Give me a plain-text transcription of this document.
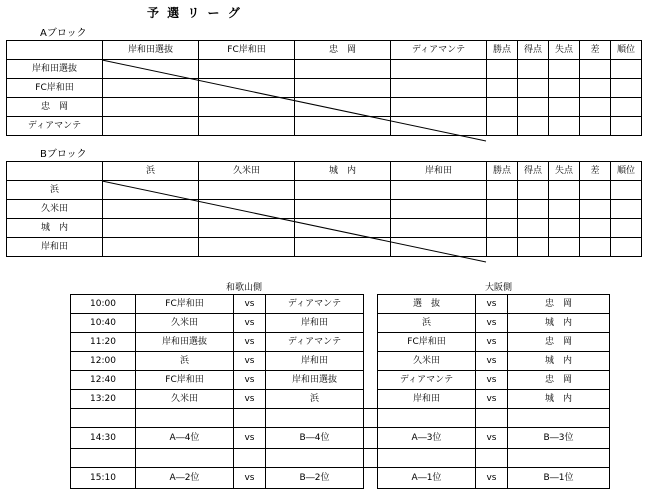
予 選 リ ー グ
Aブロック
	岸和田選抜	FC岸和田	忠　岡	ディアマンテ	勝点	得点	失点	差	順位
岸和田選抜									
FC岸和田									
忠　岡									
ディアマンテ									
Bブロック
	浜	久米田	城　内	岸和田	勝点	得点	失点	差	順位
浜									
久米田									
城　内									
岸和田									
和歌山側	大阪側
10:00	FC岸和田	vs	ディアマンテ		選　抜	vs	忠　岡
10:40	久米田	vs	岸和田		浜	vs	城　内
11:20	岸和田選抜	vs	ディアマンテ		FC岸和田	vs	忠　岡
12:00	浜	vs	岸和田		久米田	vs	城　内
12:40	FC岸和田	vs	岸和田選抜		ディアマンテ	vs	忠　岡
13:20	久米田	vs	浜		岸和田	vs	城　内

14:30	A―4位	vs	B―4位		A―3位	vs	B―3位

15:10	A―2位	vs	B―2位		A―1位	vs	B―1位
